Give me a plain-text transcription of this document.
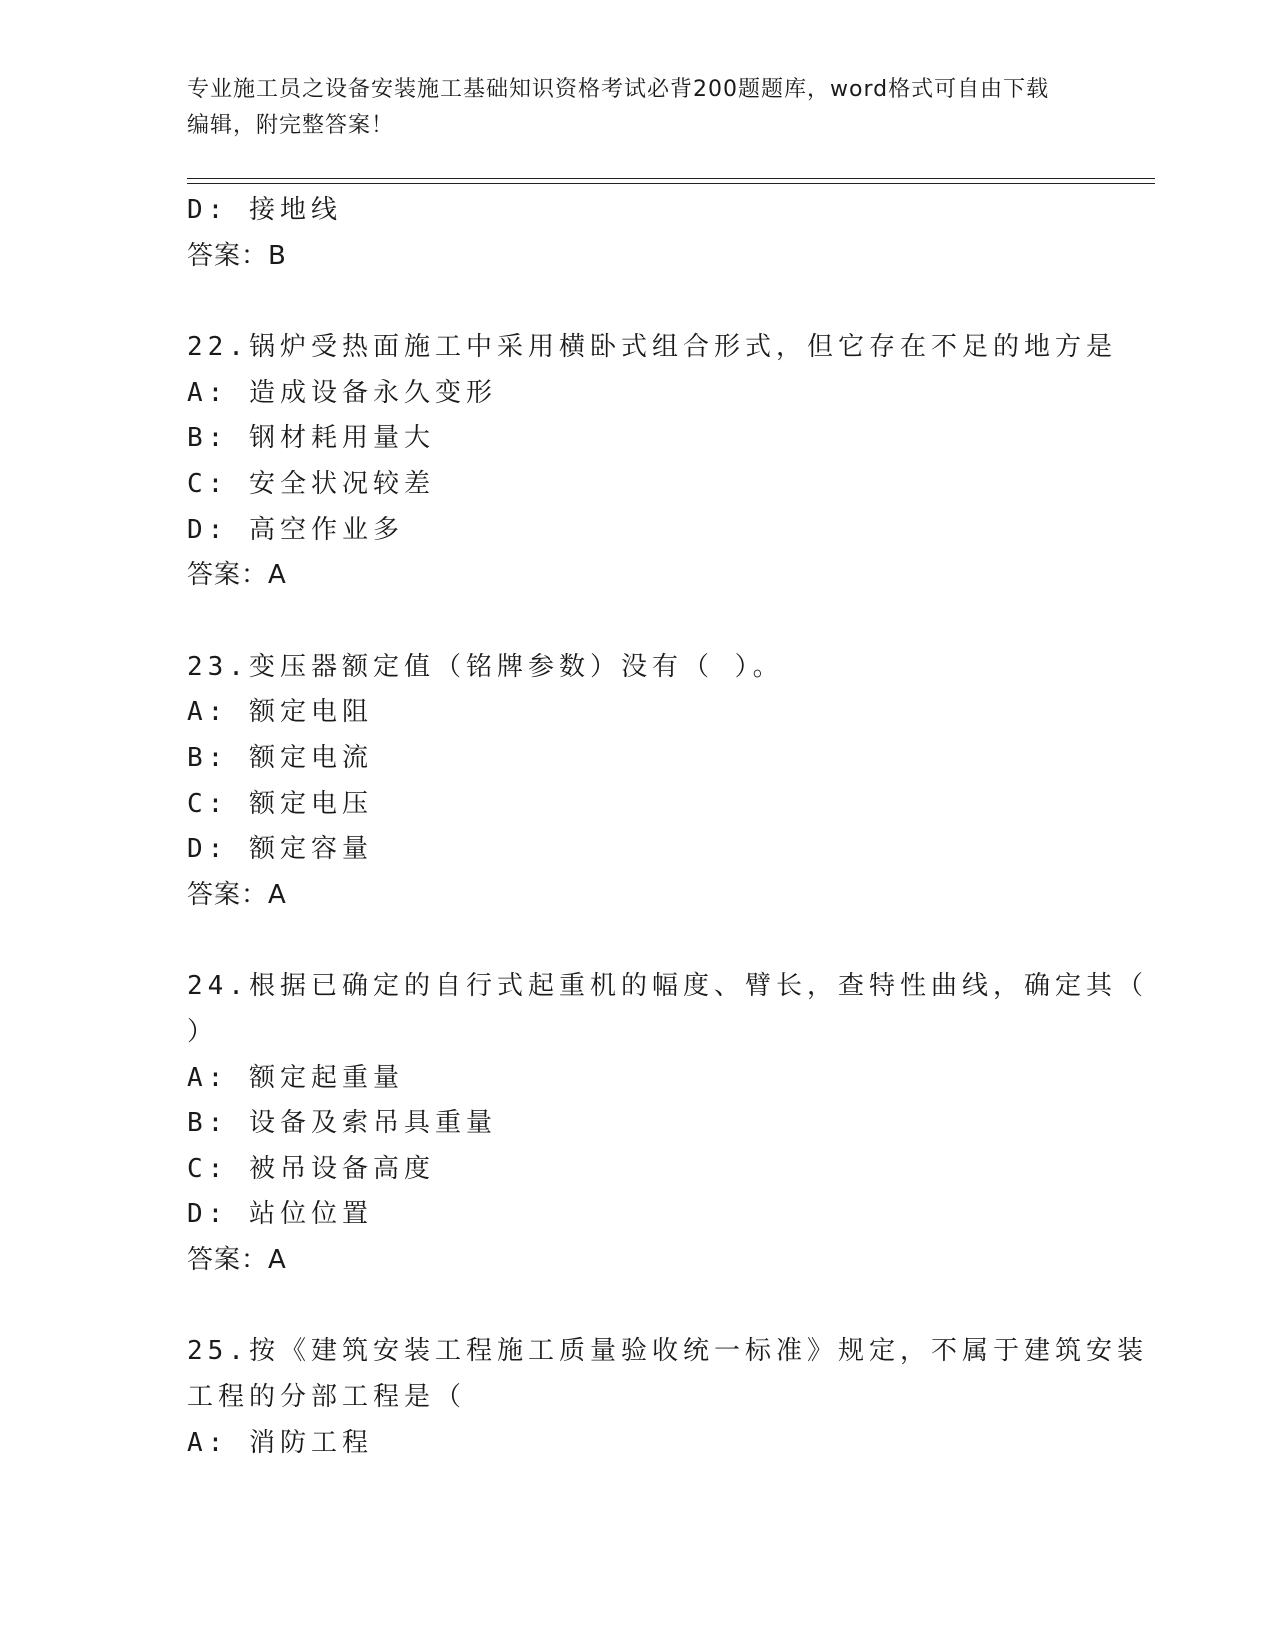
专业施工员之设备安装施工基础知识资格考试必背200题题库，word格式可自由下载编辑，附完整答案！
D: 接地线
答案：B
22.锅炉受热面施工中采用横卧式组合形式，但它存在不足的地方是
A: 造成设备永久变形
B: 钢材耗用量大
C: 安全状况较差
D: 高空作业多
答案：A
23.变压器额定值（铭牌参数）没有（ ）。
A: 额定电阻
B: 额定电流
C: 额定电压
D: 额定容量
答案：A
24.根据已确定的自行式起重机的幅度、臂长，查特性曲线，确定其（
）
A: 额定起重量
B: 设备及索吊具重量
C: 被吊设备高度
D: 站位位置
答案：A
25.按《建筑安装工程施工质量验收统一标准》规定，不属于建筑安装
工程的分部工程是（
A: 消防工程
